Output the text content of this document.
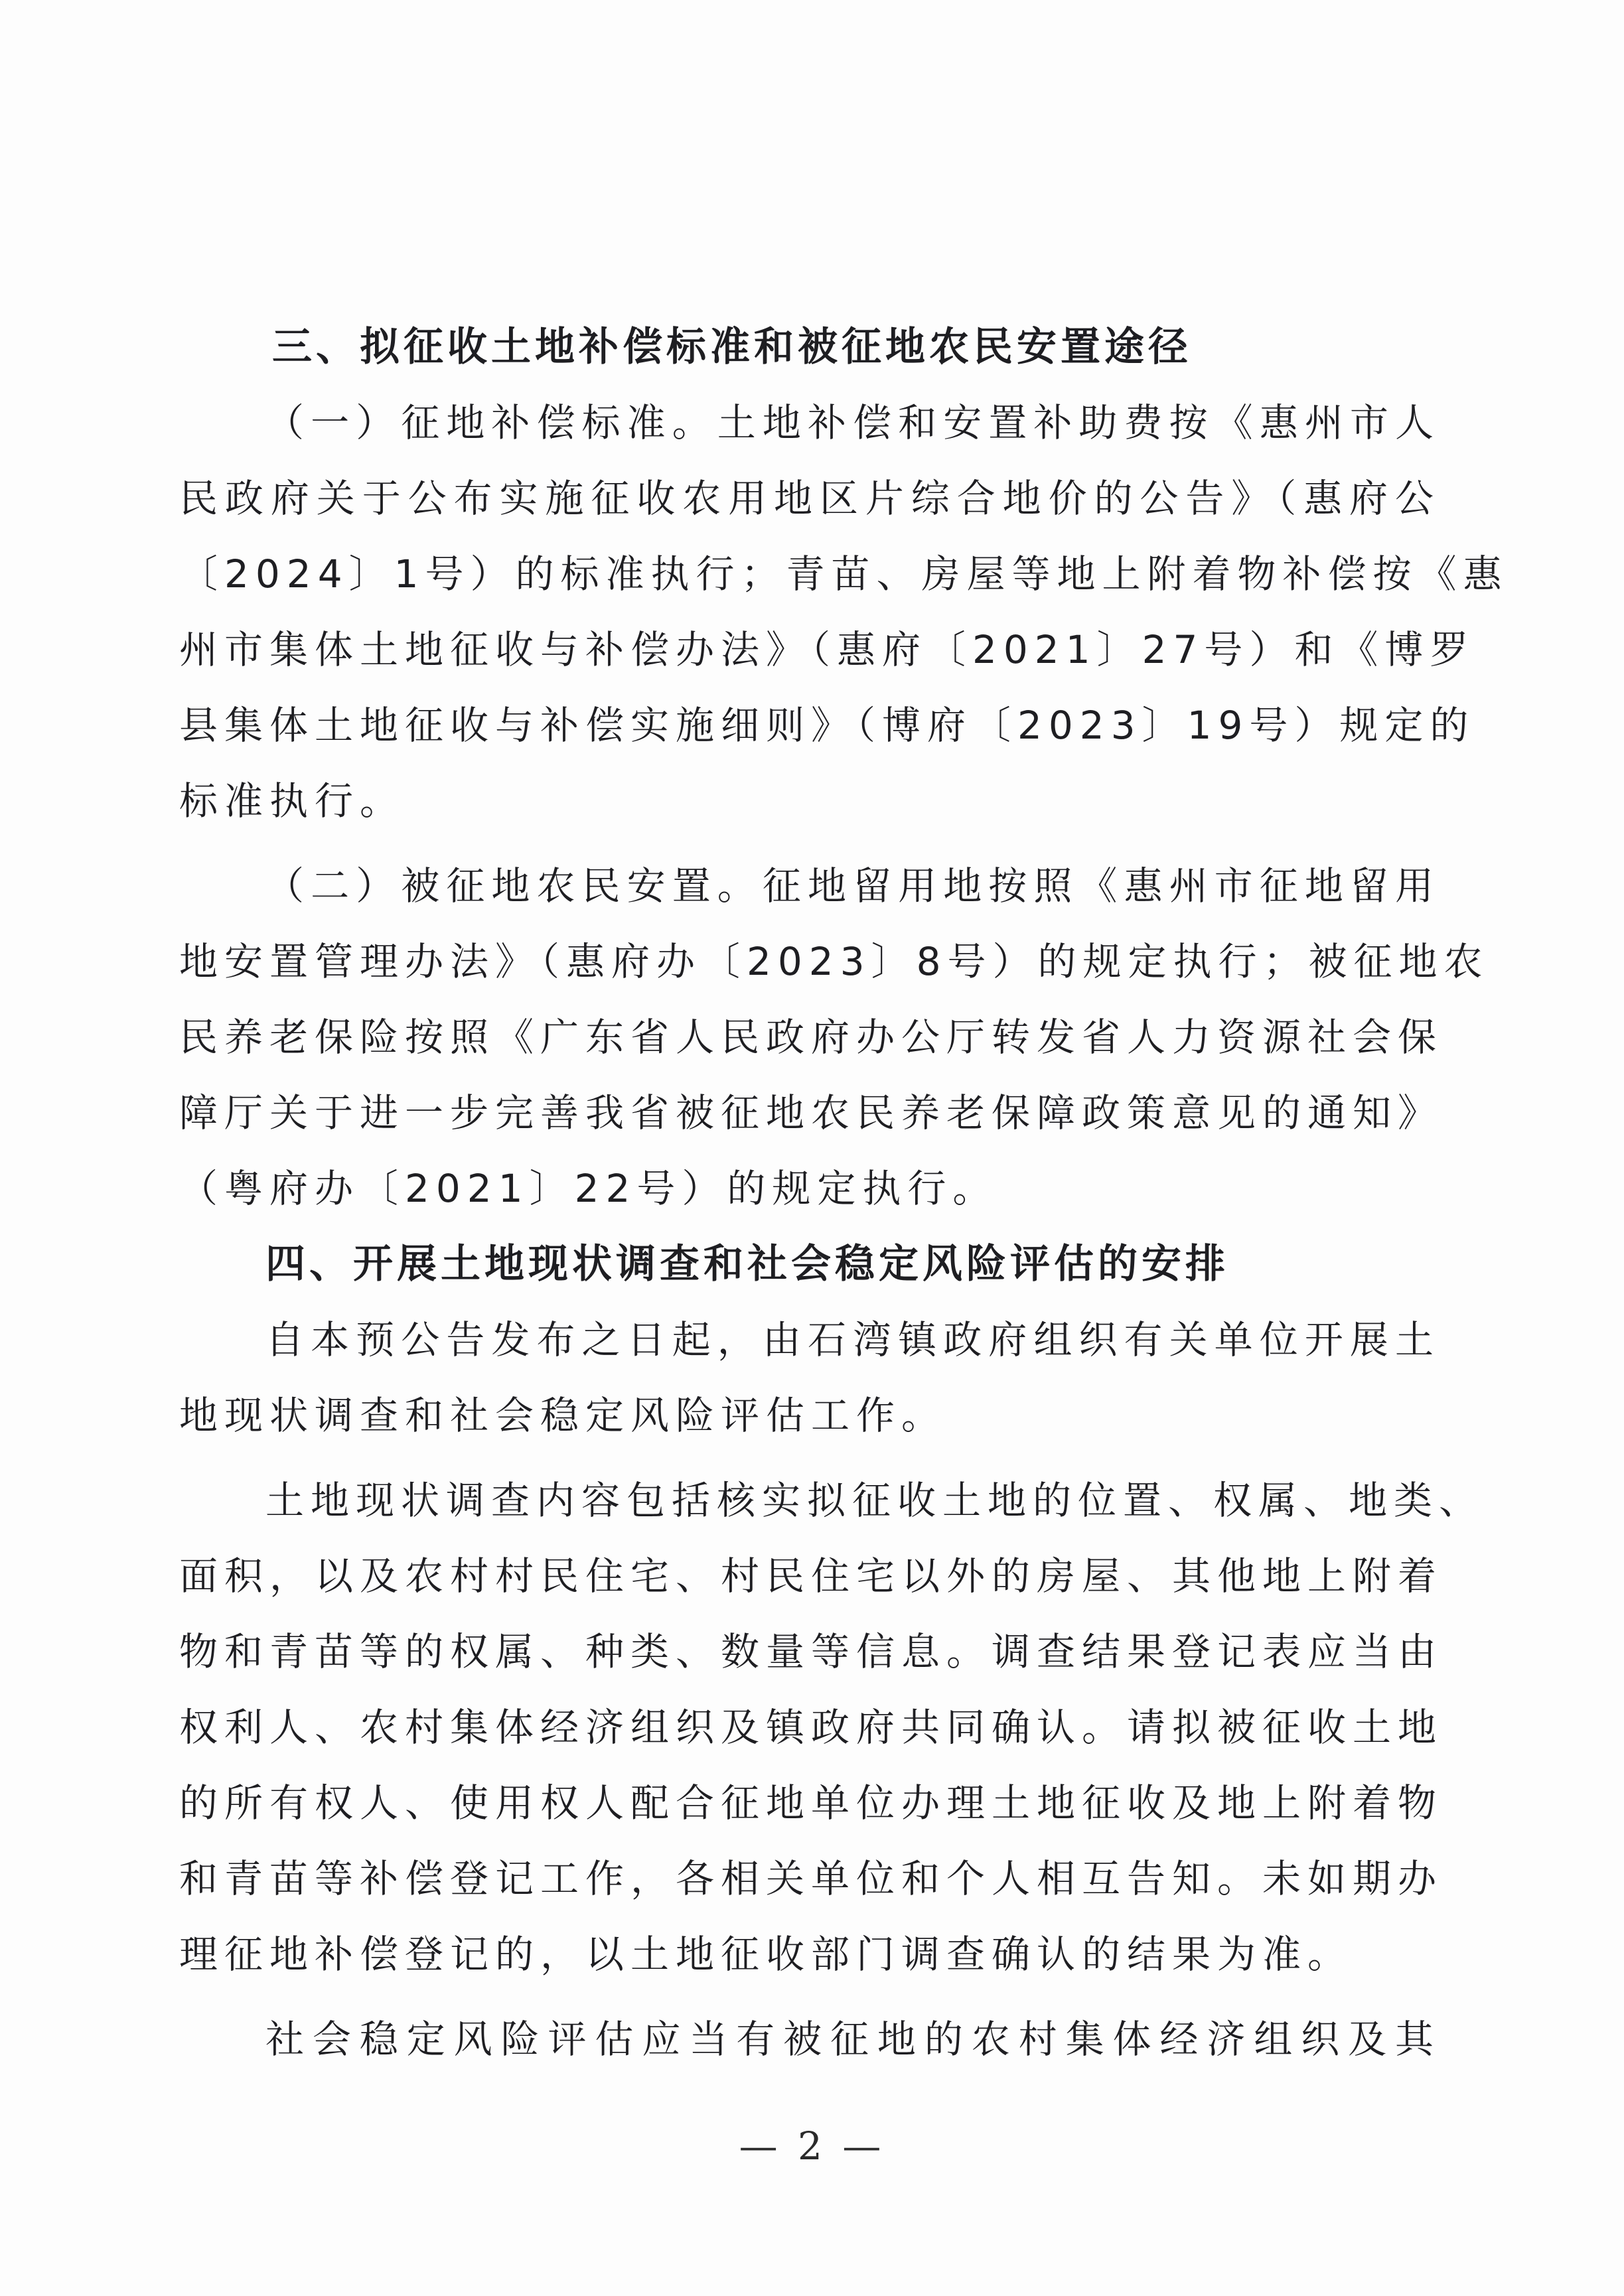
三、拟征收土地补偿标准和被征地农民安置途径
（一）征地补偿标准。土地补偿和安置补助费按《惠州市人
民政府关于公布实施征收农用地区片综合地价的公告》（惠府公
〔2024〕1号）的标准执行；青苗、房屋等地上附着物补偿按《惠
州市集体土地征收与补偿办法》（惠府〔2021〕27号）和《博罗
县集体土地征收与补偿实施细则》（博府〔2023〕19号）规定的
标准执行。
（二）被征地农民安置。征地留用地按照《惠州市征地留用
地安置管理办法》（惠府办〔2023〕8号）的规定执行；被征地农
民养老保险按照《广东省人民政府办公厅转发省人力资源社会保
障厅关于进一步完善我省被征地农民养老保障政策意见的通知》
（粤府办〔2021〕22号）的规定执行。
四、开展土地现状调查和社会稳定风险评估的安排
自本预公告发布之日起，由石湾镇政府组织有关单位开展土
地现状调查和社会稳定风险评估工作。
土地现状调查内容包括核实拟征收土地的位置、权属、地类、
面积，以及农村村民住宅、村民住宅以外的房屋、其他地上附着
物和青苗等的权属、种类、数量等信息。调查结果登记表应当由
权利人、农村集体经济组织及镇政府共同确认。请拟被征收土地
的所有权人、使用权人配合征地单位办理土地征收及地上附着物
和青苗等补偿登记工作，各相关单位和个人相互告知。未如期办
理征地补偿登记的，以土地征收部门调查确认的结果为准。
社会稳定风险评估应当有被征地的农村集体经济组织及其
— 2 —
